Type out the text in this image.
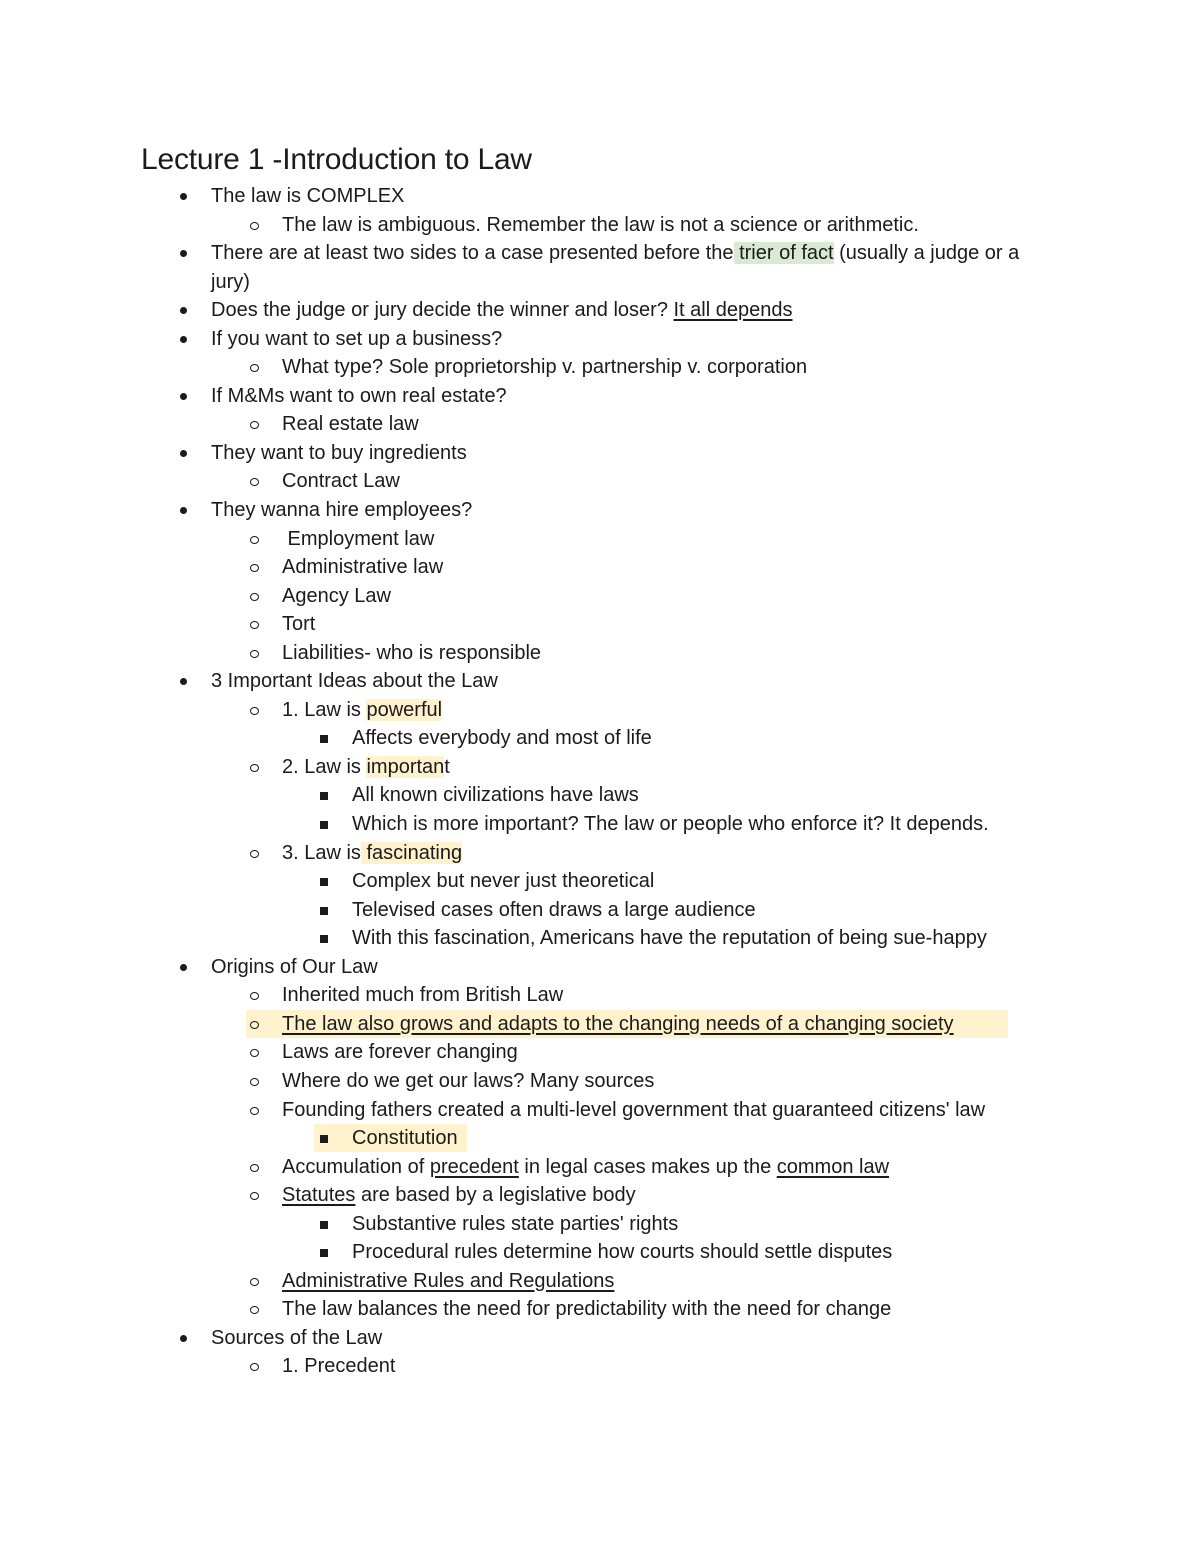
Lecture 1 -Introduction to Law
The law is COMPLEX
The law is ambiguous. Remember the law is not a science or arithmetic.
There are at least two sides to a case presented before the trier of fact (usually a judge or a jury)
Does the judge or jury decide the winner and loser? It all depends
If you want to set up a business?
What type? Sole proprietorship v. partnership v. corporation
If M&Ms want to own real estate?
Real estate law
They want to buy ingredients
Contract Law
They wanna hire employees?
Employment law
Administrative law
Agency Law
Tort
Liabilities- who is responsible
3 Important Ideas about the Law
1. Law is powerful
Affects everybody and most of life
2. Law is important
All known civilizations have laws
Which is more important? The law or people who enforce it? It depends.
3. Law is fascinating
Complex but never just theoretical
Televised cases often draws a large audience
With this fascination, Americans have the reputation of being sue-happy
Origins of Our Law
Inherited much from British Law
The law also grows and adapts to the changing needs of a changing society
Laws are forever changing
Where do we get our laws? Many sources
Founding fathers created a multi-level government that guaranteed citizens' law
Constitution
Accumulation of precedent in legal cases makes up the common law
Statutes are based by a legislative body
Substantive rules state parties' rights
Procedural rules determine how courts should settle disputes
Administrative Rules and Regulations
The law balances the need for predictability with the need for change
Sources of the Law
1. Precedent
